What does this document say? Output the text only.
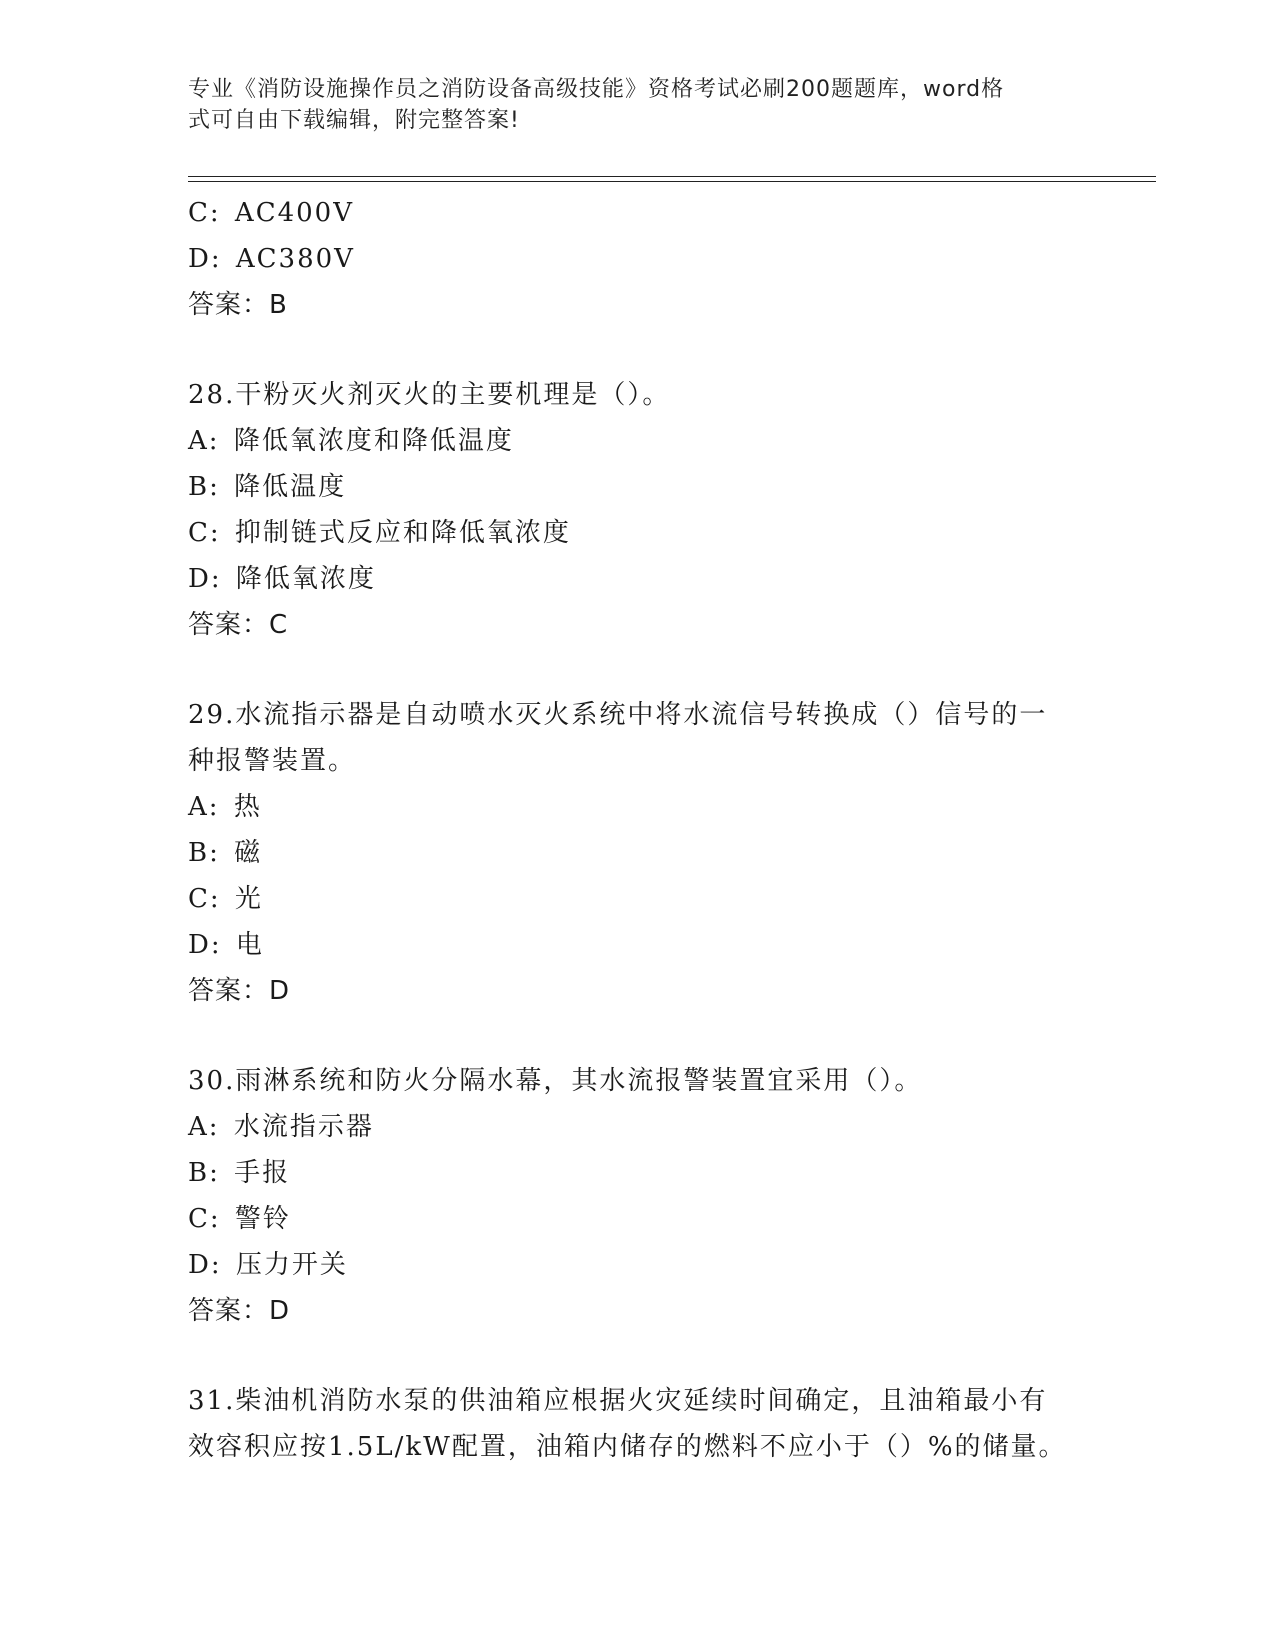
专业《消防设施操作员之消防设备高级技能》资格考试必刷200题题库，word格
式可自由下载编辑，附完整答案!
C: AC400V
D: AC380V
答案：B
28.干粉灭火剂灭火的主要机理是（）。
A: 降低氧浓度和降低温度
B: 降低温度
C: 抑制链式反应和降低氧浓度
D: 降低氧浓度
答案：C
29.水流指示器是自动喷水灭火系统中将水流信号转换成（）信号的一
种报警装置。
A: 热
B: 磁
C: 光
D: 电
答案：D
30.雨淋系统和防火分隔水幕，其水流报警装置宜采用（）。
A: 水流指示器
B: 手报
C: 警铃
D: 压力开关
答案：D
31.柴油机消防水泵的供油箱应根据火灾延续时间确定，且油箱最小有
效容积应按1.5L/kW配置，油箱内储存的燃料不应小于（）%的储量。
